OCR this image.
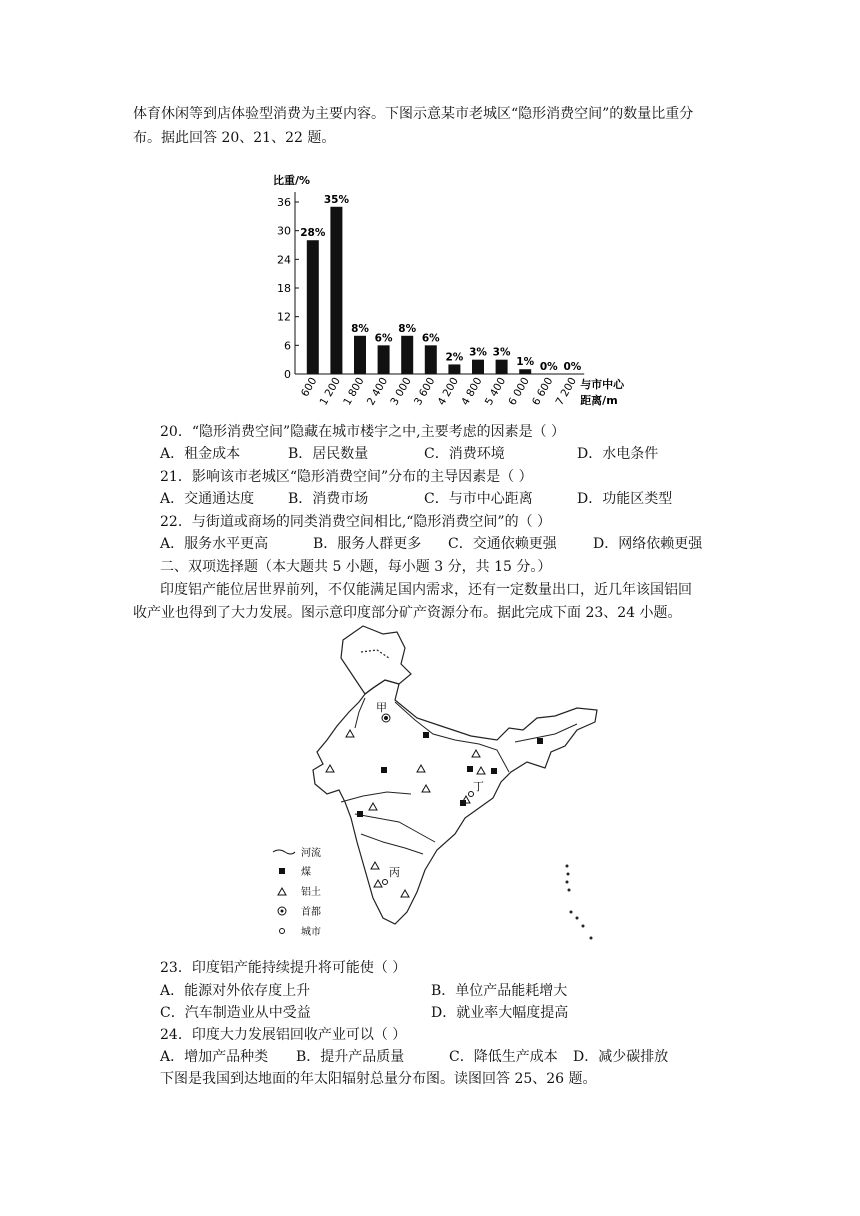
体育休闲等到店体验型消费为主要内容。下图示意某市老城区“隐形消费空间”的数量比重分
布。据此回答 20、21、22 题。
比重/%
0
6
12
18
24
30
36
28%
600
35%
1 200
8%
1 800
6%
2 400
8%
3 000
6%
3 600
2%
4 200
3%
4 800
3%
5 400
1%
6 000
0%
6 600
0%
7 200 与市中心
距离/m
20．“隐形消费空间”隐藏在城市楼宇之中,主要考虑的因素是（ ）
A．租金成本	B．居民数量	C．消费环境	D．水电条件
21．影响该市老城区“隐形消费空间”分布的主导因素是（ ）
A．交通通达度 B．消费市场	C．与市中心距离	D．功能区类型
22．与街道或商场的同类消费空间相比,“隐形消费空间”的（ ）
A．服务水平更高	B．服务人群更多 C．交通依赖更强	D．网络依赖更强
二、双项选择题（本大题共 5 小题，每小题 3 分，共 15 分。）
印度铝产能位居世界前列，不仅能满足国内需求，还有一定数量出口，近几年该国铝回
收产业也得到了大力发展。图示意印度部分矿产资源分布。据此完成下面 23、24 小题。
甲
丁
丙
河流
煤
铝土
首都
城市
23．印度铝产能持续提升将可能使（ ）
A．能源对外依存度上升	B．单位产品能耗增大
C．汽车制造业从中受益	D．就业率大幅度提高
24．印度大力发展铝回收产业可以（ ）
A．增加产品种类 B．提升产品质量	C．降低生产成本 D．减少碳排放
下图是我国到达地面的年太阳辐射总量分布图。读图回答 25、26 题。
